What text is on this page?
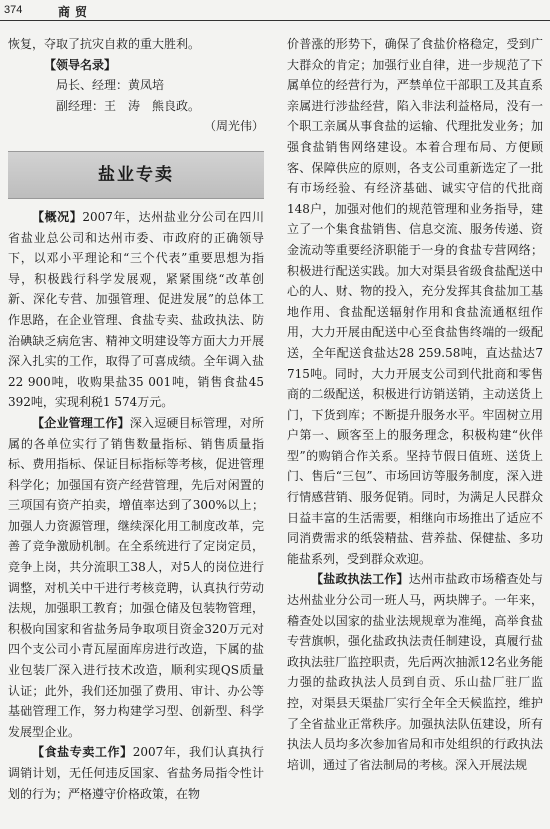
374	商贸

恢复，夺取了抗灾自救的重大胜利。

【领导名录】

局长、经理：黄凤培

副经理：王　涛　熊良政。

（周光伟）

盐业专卖

【概况】2007年，达州盐业分公司在四川省盐业总公司和达州市委、市政府的正确领导下，以邓小平理论和“三个代表”重要思想为指导，积极践行科学发展观，紧紧围绕“改革创新、深化专营、加强管理、促进发展”的总体工作思路，在企业管理、食盐专卖、盐政执法、防治碘缺乏病危害、精神文明建设等方面大力开展深入扎实的工作，取得了可喜成绩。全年调入盐22 900吨，收购果盐35 001吨，销售食盐45 392吨，实现利税1 574万元。

【企业管理工作】深入逗硬目标管理，对所属的各单位实行了销售数量指标、销售质量指标、费用指标、保证目标指标等考核，促进管理科学化；加强国有资产经营管理，先后对闲置的三项国有资产拍卖，增值率达到了300%以上；加强人力资源管理，继续深化用工制度改革，完善了竞争激励机制。在全系统进行了定岗定员，竞争上岗，共分流职工38人，对5人的岗位进行调整，对机关中干进行考核竞聘，认真执行劳动法规，加强职工教育；加强仓储及包装物管理，积极向国家和省盐务局争取项目资金320万元对四个支公司小青瓦屋面库房进行改造，下属的盐业包装厂深入进行技术改造，顺利实现QS质量认证；此外，我们还加强了费用、审计、办公等基础管理工作，努力构建学习型、创新型、科学发展型企业。

【食盐专卖工作】2007年，我们认真执行调销计划，无任何违反国家、省盐务局指令性计划的行为；严格遵守价格政策，在物

价普涨的形势下，确保了食盐价格稳定，受到广大群众的肯定；加强行业自律，进一步规范了下属单位的经营行为，严禁单位干部职工及其直系亲属进行涉盐经营，陷入非法利益格局，没有一个职工亲属从事食盐的运输、代理批发业务；加强食盐销售网络建设。本着合理布局、方便顾客、保障供应的原则，各支公司重新选定了一批有市场经验、有经济基础、诚实守信的代批商148户，加强对他们的规范管理和业务指导，建立了一个集食盐销售、信息交流、服务传递、资金流动等重要经济职能于一身的食盐专营网络；积极进行配送实践。加大对渠县省级食盐配送中心的人、财、物的投入，充分发挥其食盐加工基地作用、食盐配送辐射作用和食盐流通枢纽作用，大力开展由配送中心至食盐售终端的一级配送，全年配送食盐达28 259.58吨，直达盐达7 715吨。同时，大力开展支公司到代批商和零售商的二级配送，积极进行访销送销，主动送货上门，下货到库；不断提升服务水平。牢固树立用户第一、顾客至上的服务理念，积极构建“伙伴型”的购销合作关系。坚持节假日值班、送货上门、售后“三包”、市场回访等服务制度，深入进行情感营销、服务促销。同时，为满足人民群众日益丰富的生活需要，相继向市场推出了适应不同消费需求的纸袋精盐、营养盐、保健盐、多功能盐系列，受到群众欢迎。

【盐政执法工作】达州市盐政市场稽查处与达州盐业分公司一班人马，两块牌子。一年来，稽查处以国家的盐业法规规章为准绳，高举食盐专营旗帜，强化盐政执法责任制建设，真履行盐政执法驻厂监控职责，先后两次抽派12名业务能力强的盐政执法人员到自贡、乐山盐厂驻厂监控，对渠县天渠盐厂实行全年全天候监控，维护了全省盐业正常秩序。加强执法队伍建设，所有执法人员均多次参加省局和市处组织的行政执法培训，通过了省法制局的考核。深入开展法规
